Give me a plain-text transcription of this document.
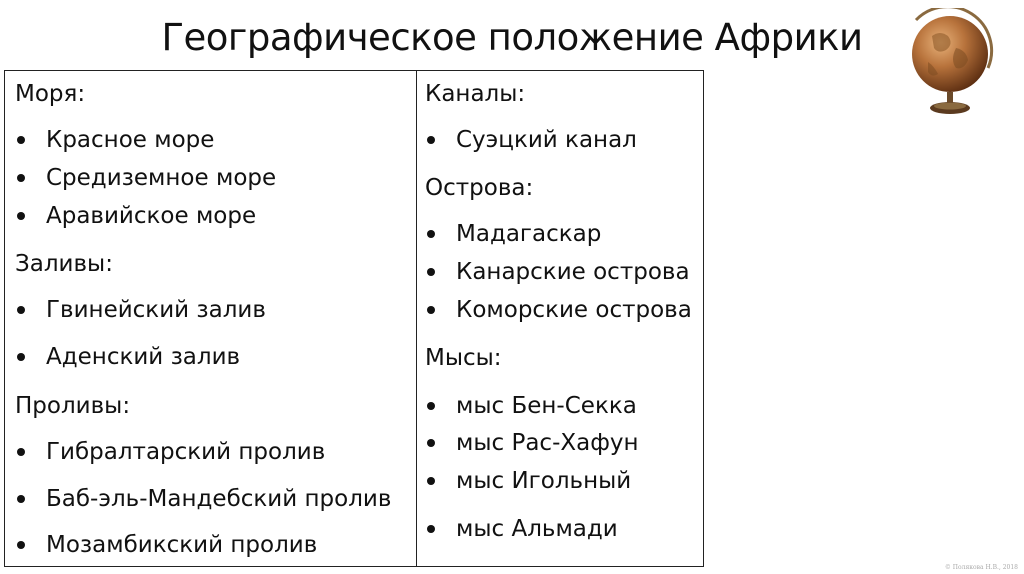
Географическое положение Африки
Моря:
Красное море
Средиземное море
Аравийское море
Заливы:
Гвинейский залив
Аденский залив
Проливы:
Гибралтарский пролив
Баб-эль-Мандебский пролив
Мозамбикский пролив
Каналы:
Суэцкий канал
Острова:
Мадагаскар
Канарские острова
Коморские острова
Мысы:
мыс Бен-Секка
мыс Рас-Хафун
мыс Игольный
мыс Альмади
© Полякова Н.В., 2018
